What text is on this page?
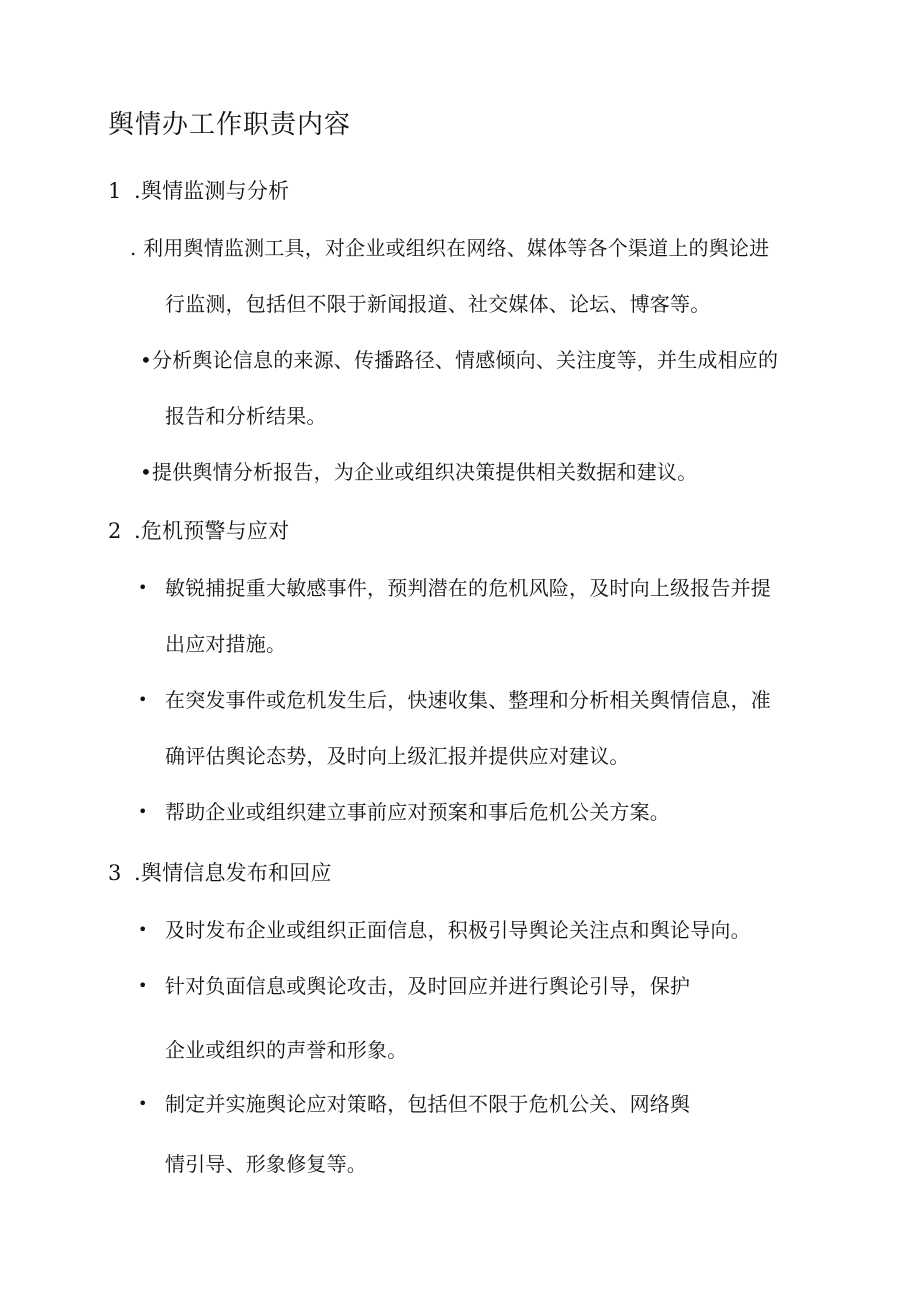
舆情办工作职责内容
1 .舆情监测与分析
. 利用舆情监测工具，对企业或组织在网络、媒体等各个渠道上的舆论进
行监测，包括但不限于新闻报道、社交媒体、论坛、博客等。
•分析舆论信息的来源、传播路径、情感倾向、关注度等，并生成相应的
报告和分析结果。
•提供舆情分析报告，为企业或组织决策提供相关数据和建议。
2 .危机预警与应对
• 敏锐捕捉重大敏感事件，预判潜在的危机风险，及时向上级报告并提
出应对措施。
• 在突发事件或危机发生后，快速收集、整理和分析相关舆情信息，准
确评估舆论态势，及时向上级汇报并提供应对建议。
• 帮助企业或组织建立事前应对预案和事后危机公关方案。
3 .舆情信息发布和回应
• 及时发布企业或组织正面信息，积极引导舆论关注点和舆论导向。
• 针对负面信息或舆论攻击，及时回应并进行舆论引导，保护
企业或组织的声誉和形象。
• 制定并实施舆论应对策略，包括但不限于危机公关、网络舆
情引导、形象修复等。
